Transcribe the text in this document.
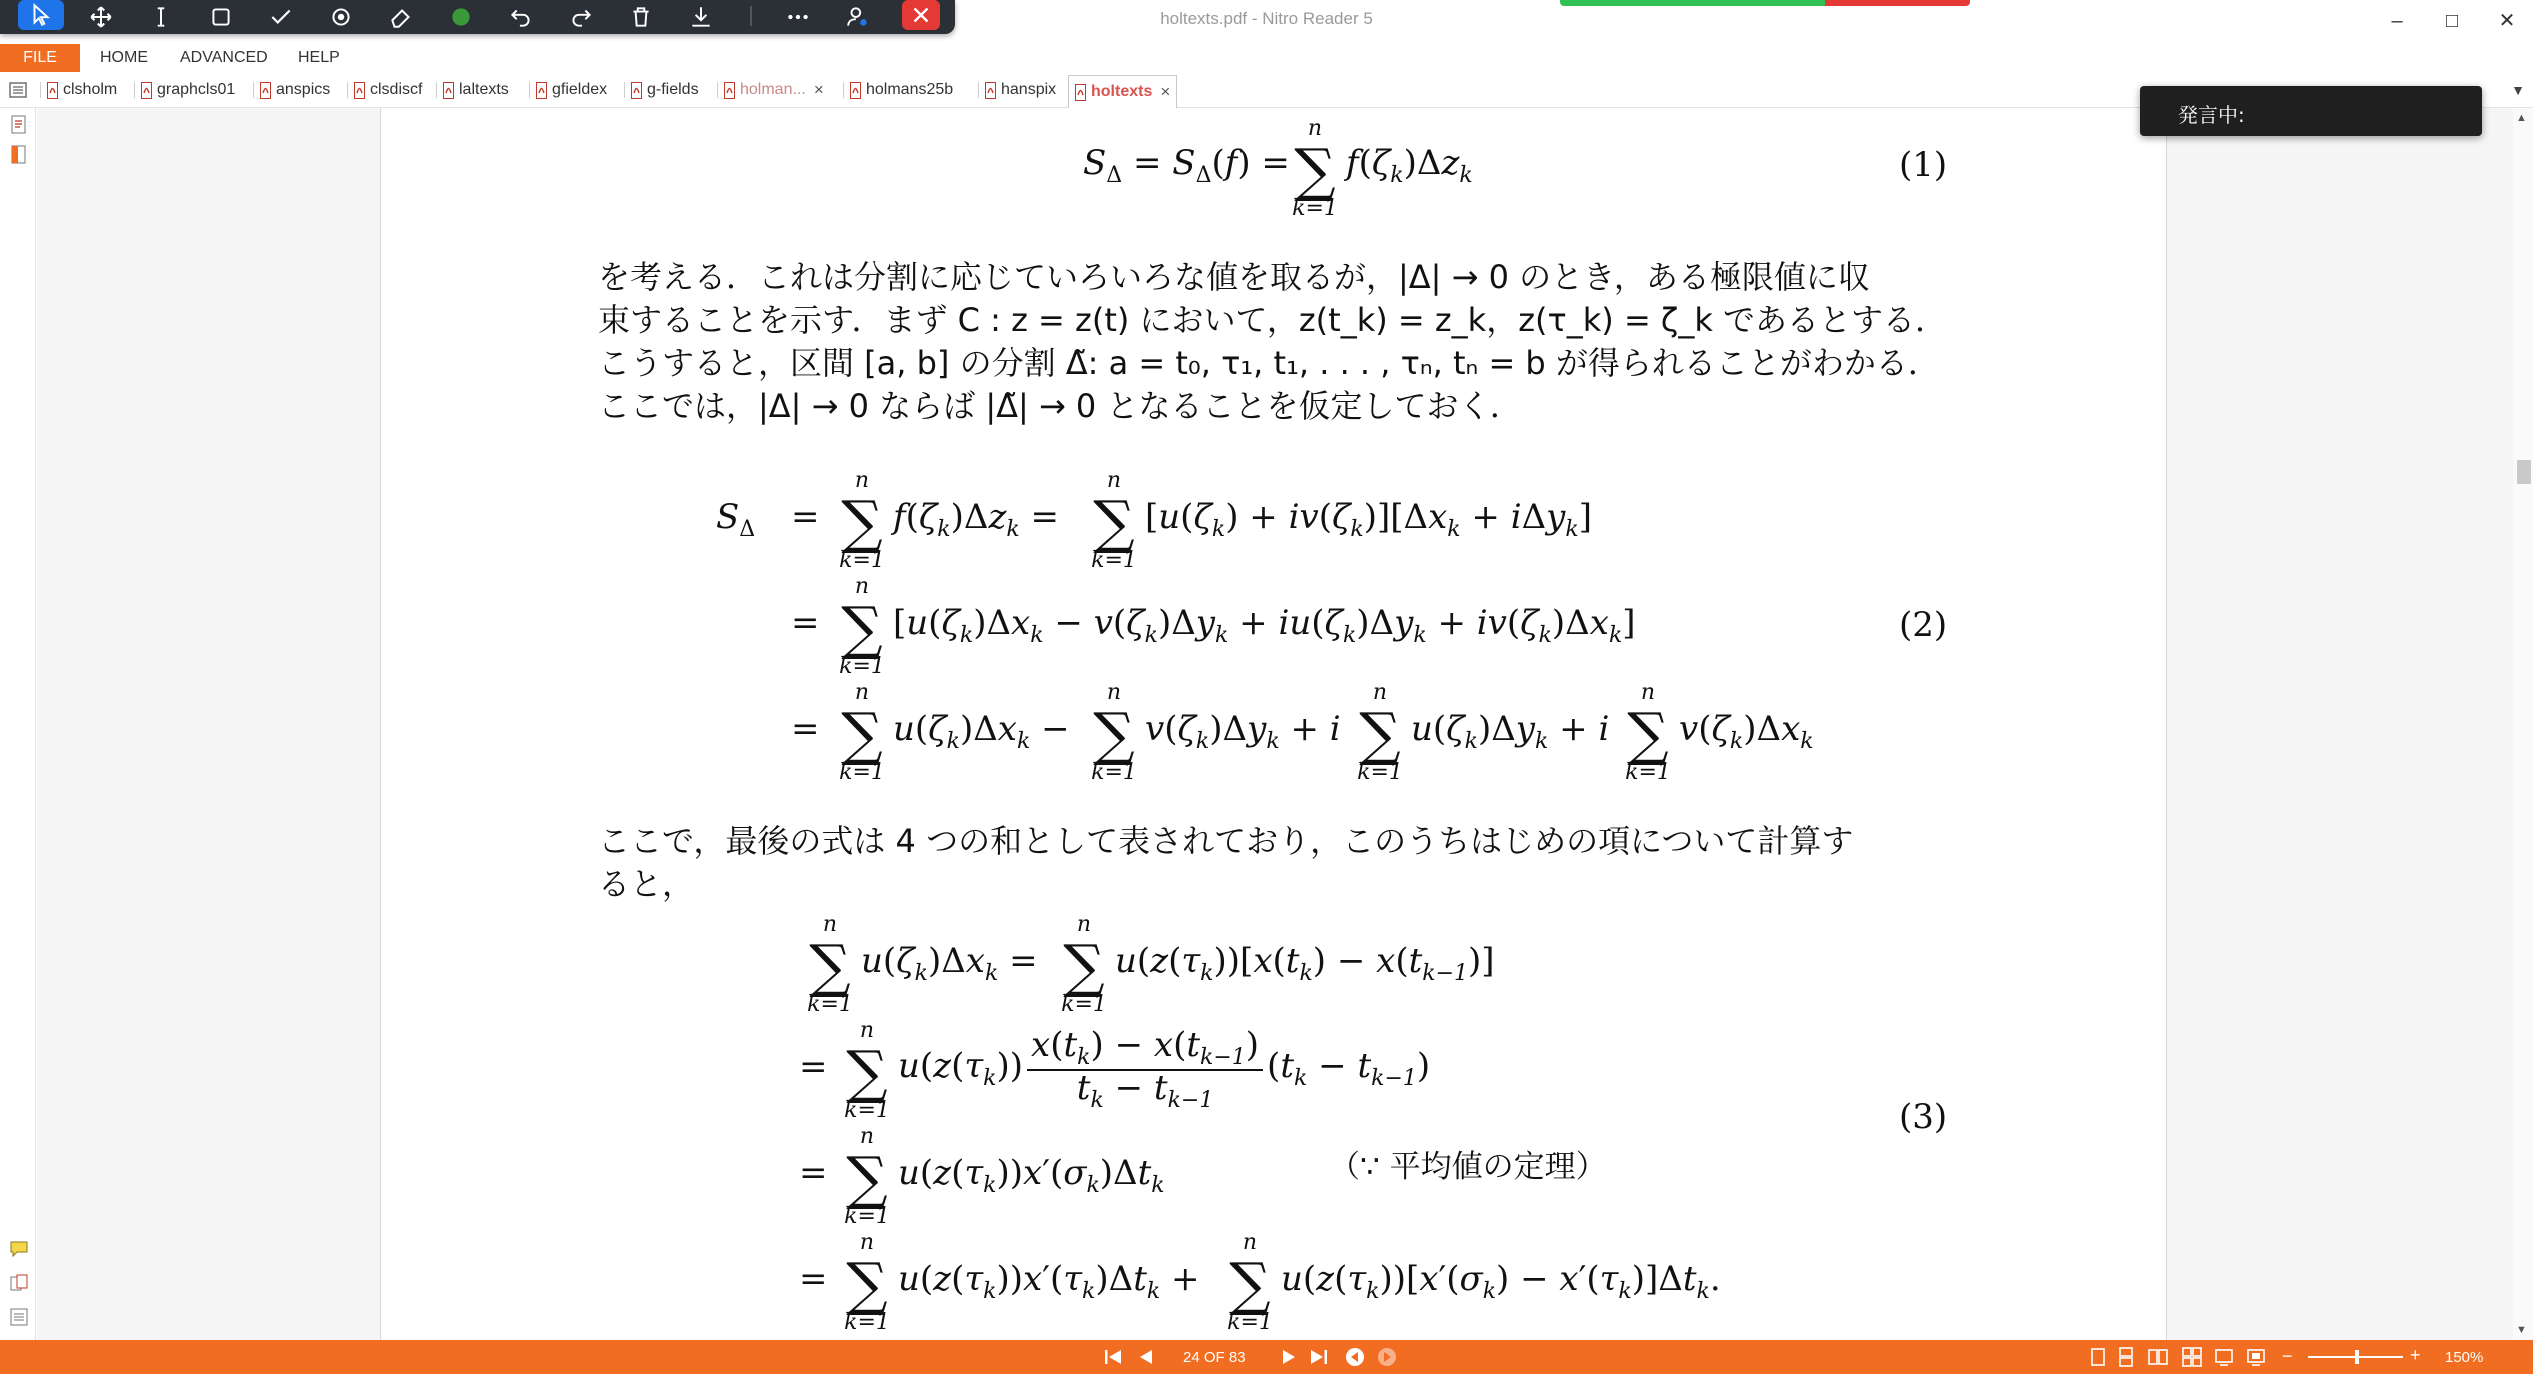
holtexts.pdf - Nitro Reader 5	–	□	✕
FILE	HOME ADVANCED HELP
clsholm graphcls01	anspics clsdiscf laltexts	gfieldex g-fields	holman... ×	holmans25b	hanspix holtexts ×	▼
$S_\Delta = S_\Delta(f)$ =
n
∑
k=1
$f(\zeta_k)\Delta z_k$	(1)
を考える．これは分割に応じていろいろな値を取るが，|Δ| → 0 のとき，ある極限値に収
束することを示す．まず C : z = z(t) において，z(t_k) = z_k，z(τ_k) = ζ_k であるとする．
こうすると，区間 [a, b] の分割 Δ̃: a = t₀, τ₁, t₁, . . . , τₙ, tₙ = b が得られることがわかる．
ここでは，|Δ| → 0 ならば |Δ̃| → 0 となることを仮定しておく．
$S_\Delta$ =
n
∑
k=1
$f(\zeta_k)\Delta z_k$ =
n
∑
k=1
$[u(\zeta_k) + iv(\zeta_k)][\Delta x_k + i\Delta y_k]$
=
n
∑
k=1
$[u(\zeta_k)\Delta x_k - v(\zeta_k)\Delta y_k + iu(\zeta_k)\Delta y_k + iv(\zeta_k)\Delta x_k]$	(2)
=
n
∑
k=1
$u(\zeta_k)\Delta x_k$ −
n
∑
k=1
$v(\zeta_k)\Delta y_k + i$
n
∑
k=1
$u(\zeta_k)\Delta y_k + i$
n
∑
k=1
$v(\zeta_k)\Delta x_k$
ここで，最後の式は 4 つの和として表されており，このうちはじめの項について計算す
ると，
n
∑
k=1
$u(\zeta_k)\Delta x_k$ =
n
∑
k=1
$u(z(\tau_k))[x(t_k) - x(t_{k-1})]$
=
n
∑
k=1
$u(z(\tau_k)) \frac{x(t_k) - x(t_{k-1})}{t_k - t_{k-1}} (t_k - t_{k-1})$
(3)
=
n
∑
k=1
$u(z(\tau_k))x'(\sigma_k)\Delta t_k$
（∵ 平均値の定理）
=
n
∑
k=1
$u(z(\tau_k))x'(\tau_k)\Delta t_k$ +
n
∑
k=1
$u(z(\tau_k))[x'(\sigma_k) - x'(\tau_k)]\Delta t_k$.
▲
▼
発言中:
24 OF 83	−	+ 150%
